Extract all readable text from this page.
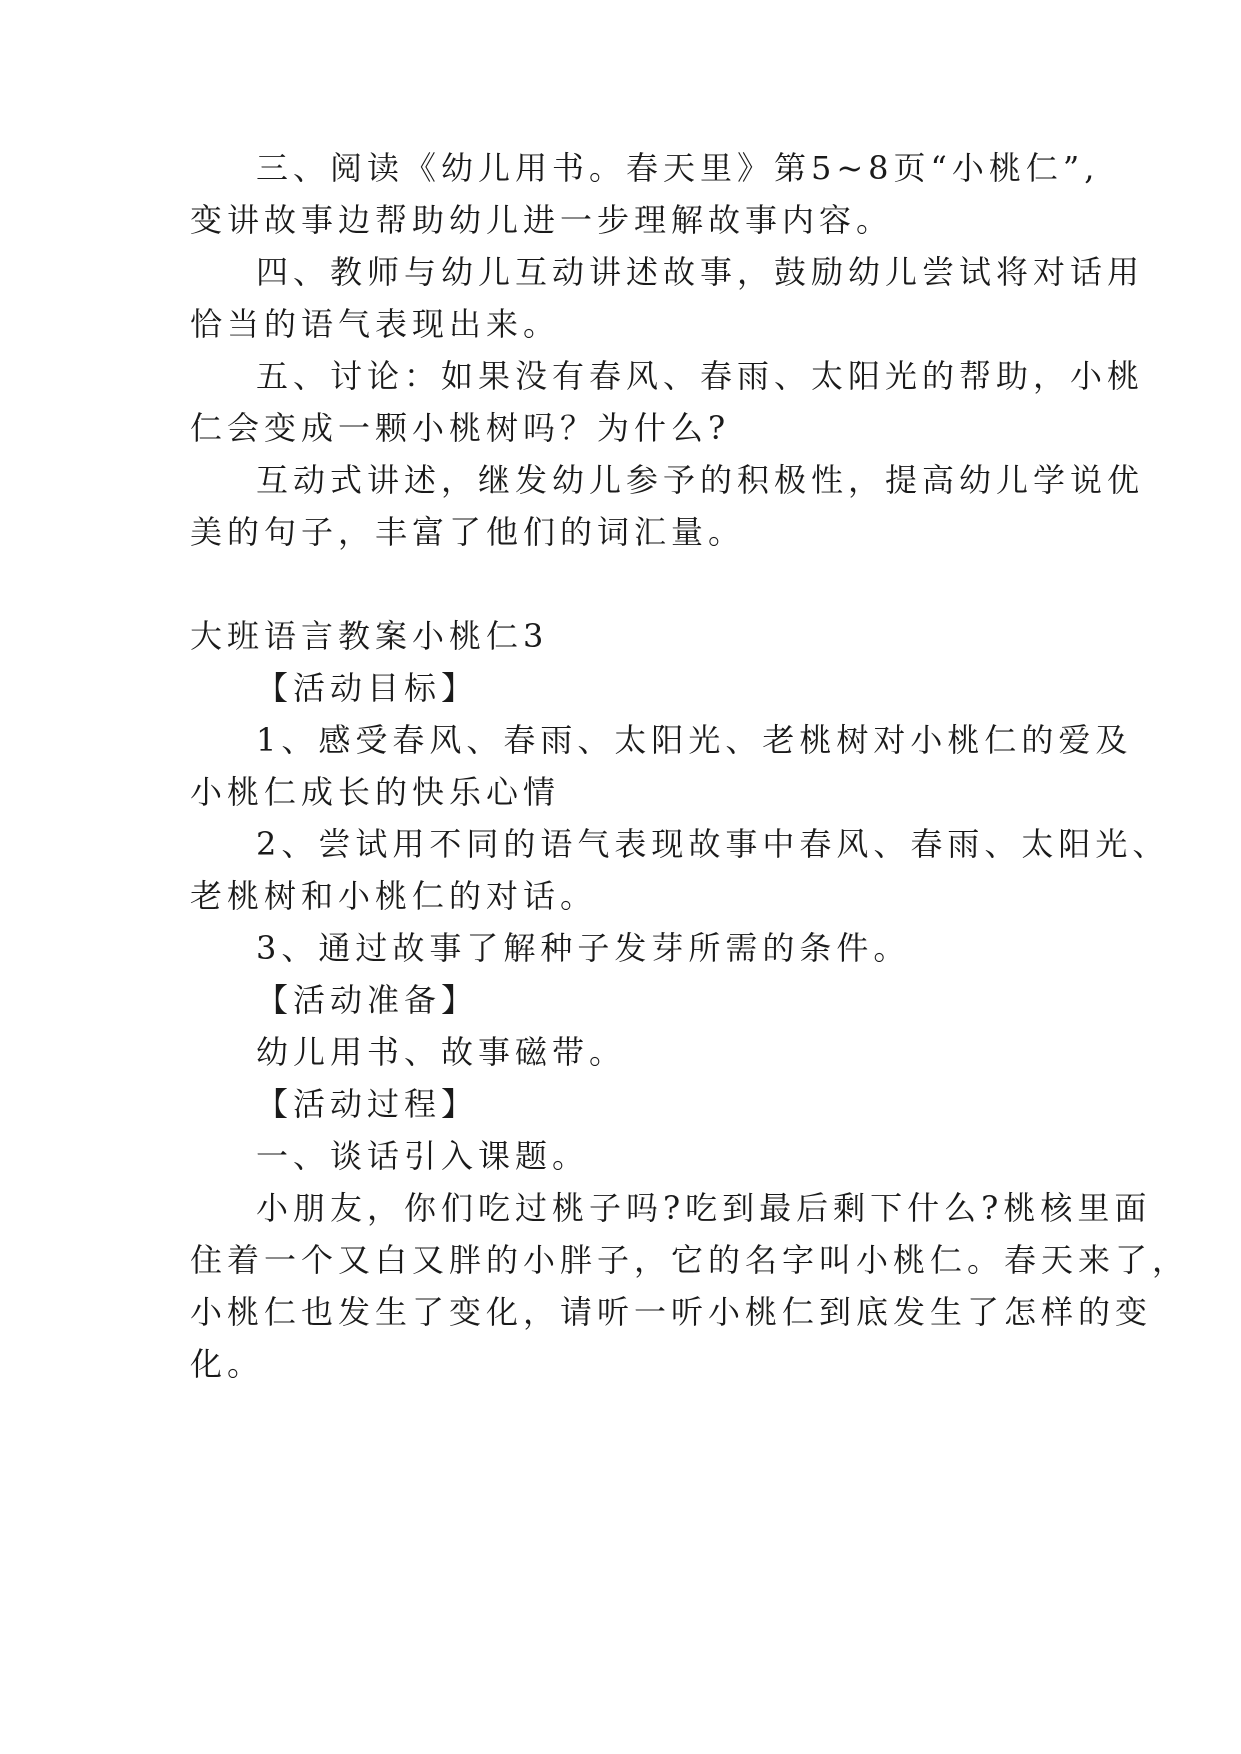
三、阅读《幼儿用书。春天里》第5~8页“小桃仁”,
变讲故事边帮助幼儿进一步理解故事内容。
四、教师与幼儿互动讲述故事，鼓励幼儿尝试将对话用
恰当的语气表现出来。
五、讨论：如果没有春风、春雨、太阳光的帮助，小桃
仁会变成一颗小桃树吗？为什么?
互动式讲述，继发幼儿参予的积极性，提高幼儿学说优
美的句子，丰富了他们的词汇量。
大班语言教案小桃仁3
【活动目标】
1、感受春风、春雨、太阳光、老桃树对小桃仁的爱及
小桃仁成长的快乐心情
2、尝试用不同的语气表现故事中春风、春雨、太阳光、
老桃树和小桃仁的对话。
3、通过故事了解种子发芽所需的条件。
【活动准备】
幼儿用书、故事磁带。
【活动过程】
一、谈话引入课题。
小朋友，你们吃过桃子吗?吃到最后剩下什么?桃核里面
住着一个又白又胖的小胖子，它的名字叫小桃仁。春天来了，
小桃仁也发生了变化，请听一听小桃仁到底发生了怎样的变
化。
